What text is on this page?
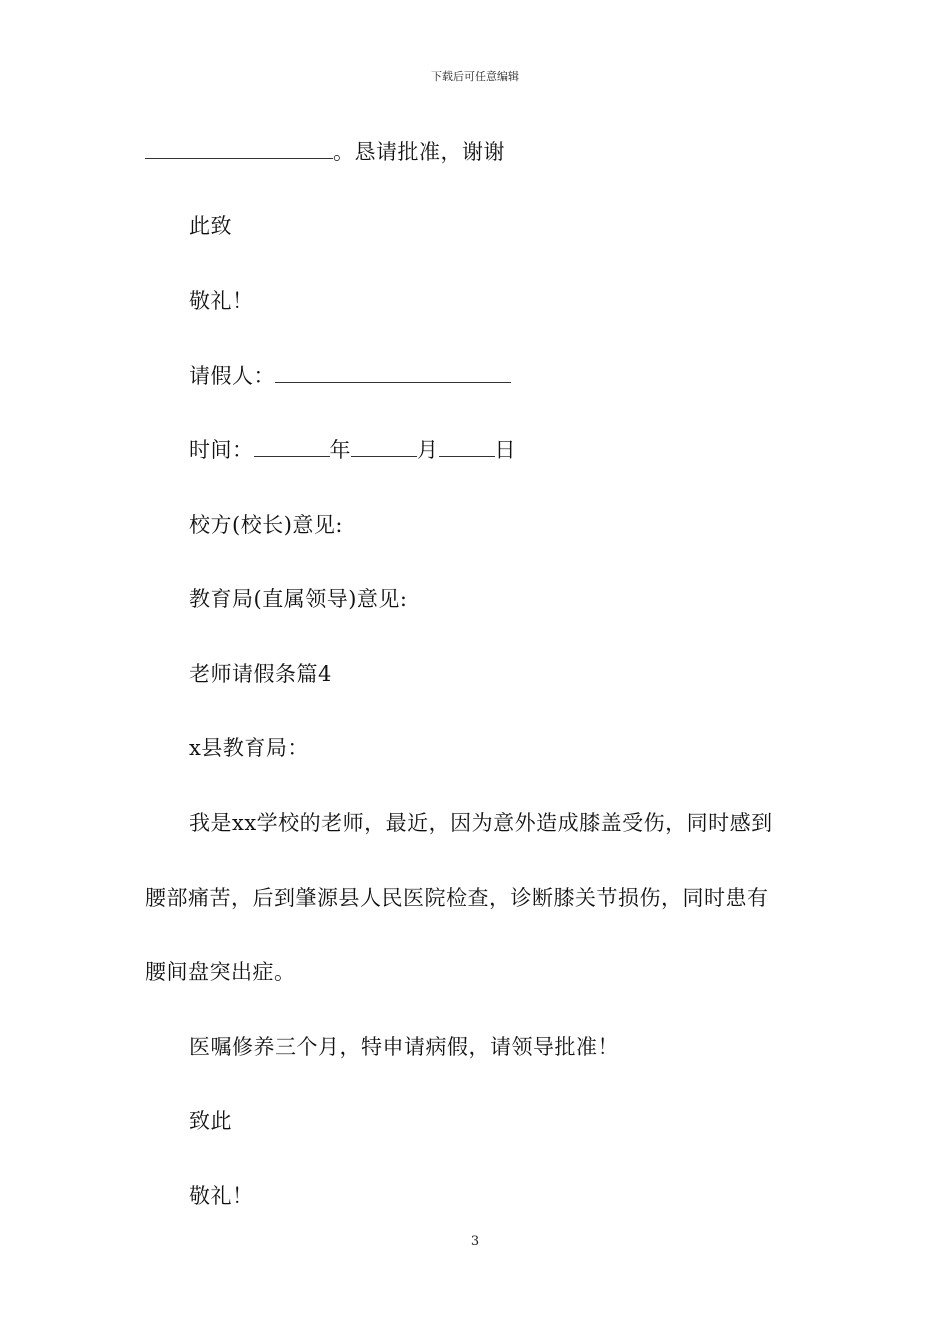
下载后可任意编辑
。恳请批准，谢谢
此致
敬礼！
请假人：
时间：	年	月	日
校方(校长)意见:
教育局(直属领导)意见:
老师请假条篇4
x县教育局：
我是xx学校的老师，最近，因为意外造成膝盖受伤，同时感到
腰部痛苦，后到肇源县人民医院检查，诊断膝关节损伤，同时患有
腰间盘突出症。
医嘱修养三个月，特申请病假，请领导批准！
致此
敬礼！
3
